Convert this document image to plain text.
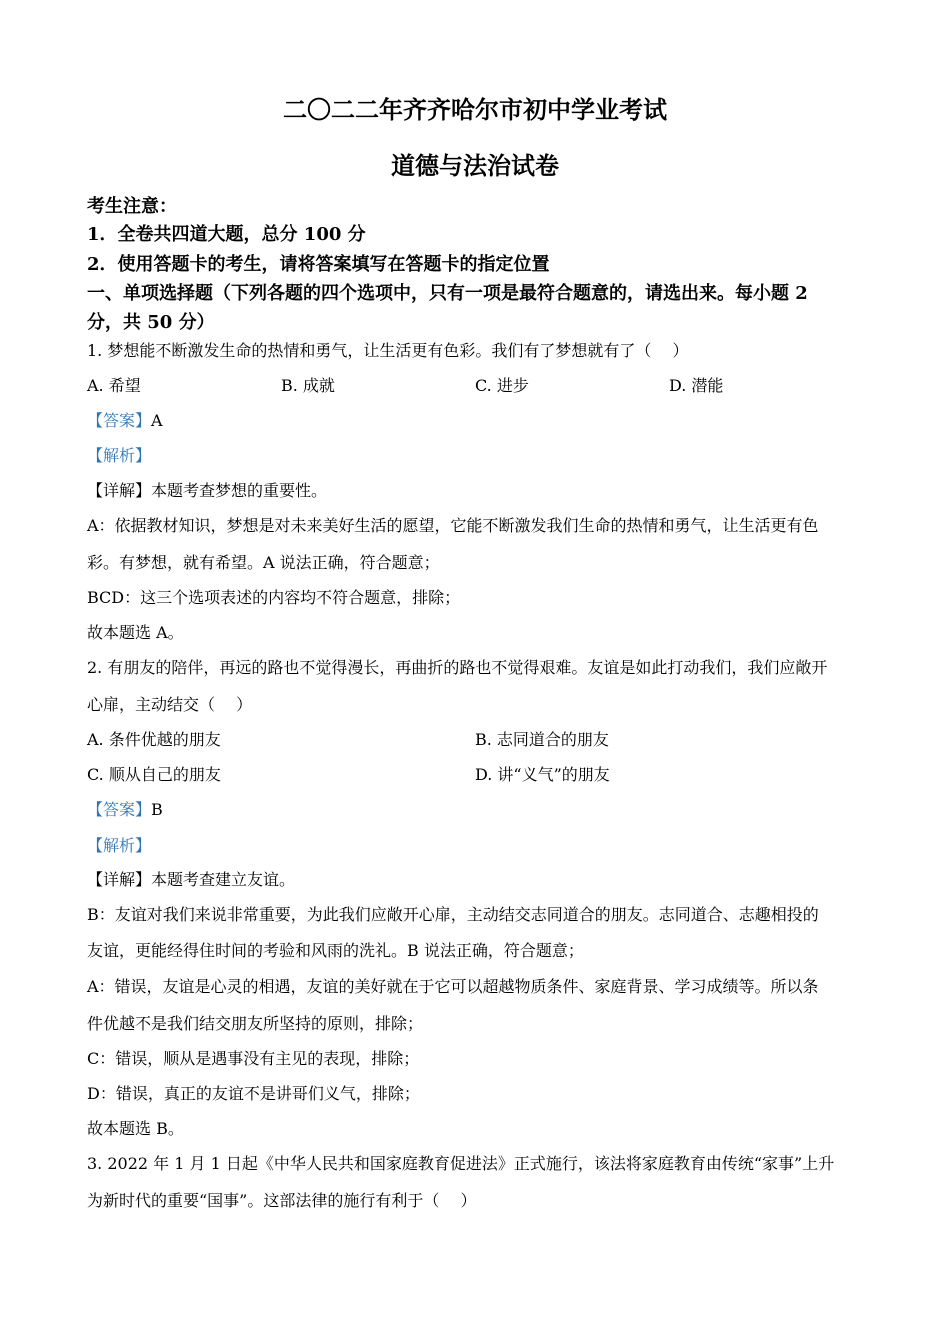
二〇二二年齐齐哈尔市初中学业考试
道德与法治试卷
考生注意：
1．全卷共四道大题，总分 100 分
2．使用答题卡的考生，请将答案填写在答题卡的指定位置
一、单项选择题（下列各题的四个选项中，只有一项是最符合题意的，请选出来。每小题 2
分，共 50 分）
1. 梦想能不断激发生命的热情和勇气，让生活更有色彩。我们有了梦想就有了（　 ）
A. 希望	B. 成就	C. 进步	D. 潜能
【答案】A
【解析】
【详解】本题考查梦想的重要性。
A：依据教材知识，梦想是对未来美好生活的愿望，它能不断激发我们生命的热情和勇气，让生活更有色
彩。有梦想，就有希望。A 说法正确，符合题意；
BCD：这三个选项表述的内容均不符合题意，排除；
故本题选 A。
2. 有朋友的陪伴，再远的路也不觉得漫长，再曲折的路也不觉得艰难。友谊是如此打动我们，我们应敞开
心扉，主动结交（　 ）
A. 条件优越的朋友	B. 志同道合的朋友
C. 顺从自己的朋友	D. 讲“义气”的朋友
【答案】B
【解析】
【详解】本题考查建立友谊。
B：友谊对我们来说非常重要，为此我们应敞开心扉，主动结交志同道合的朋友。志同道合、志趣相投的
友谊，更能经得住时间的考验和风雨的洗礼。B 说法正确，符合题意；
A：错误，友谊是心灵的相遇，友谊的美好就在于它可以超越物质条件、家庭背景、学习成绩等。所以条
件优越不是我们结交朋友所坚持的原则，排除；
C：错误，顺从是遇事没有主见的表现，排除；
D：错误，真正的友谊不是讲哥们义气，排除；
故本题选 B。
3. 2022 年 1 月 1 日起《中华人民共和国家庭教育促进法》正式施行，该法将家庭教育由传统“家事”上升
为新时代的重要“国事”。这部法律的施行有利于（　 ）
